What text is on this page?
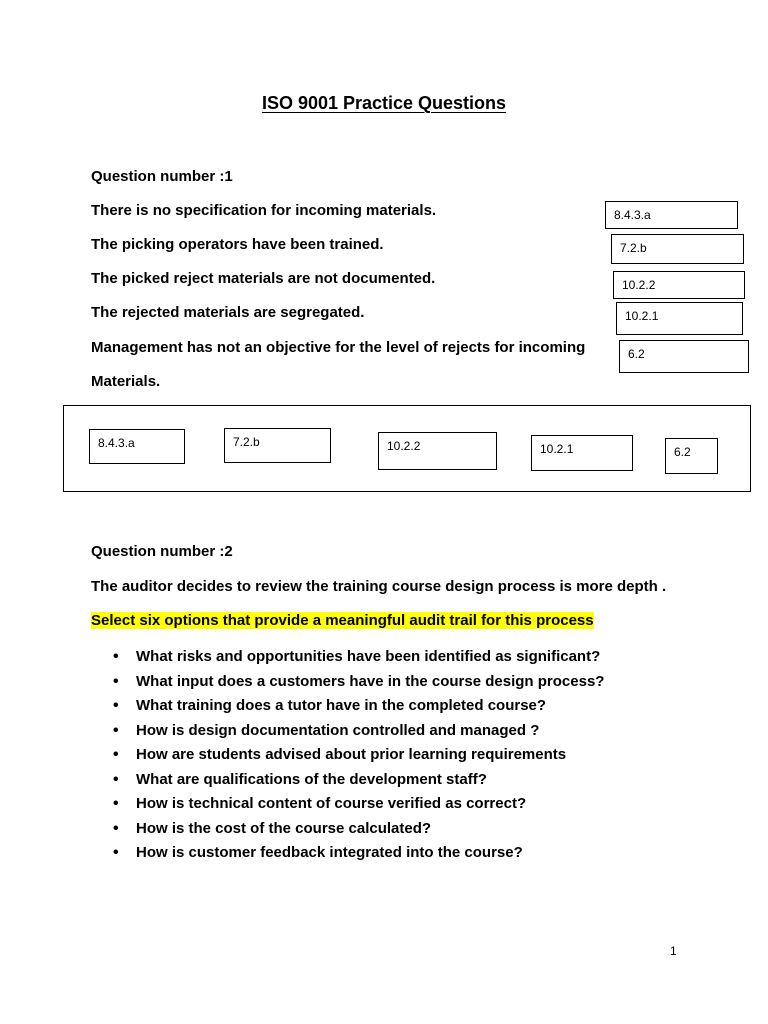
ISO 9001 Practice Questions
Question number :1
There is no specification for incoming materials.
The picking operators have been trained.
The picked reject materials are not documented.
The rejected materials are segregated.
Management has not an objective for the level of rejects for incoming
Materials.
8.4.3.a
7.2.b
10.2.2
10.2.1
6.2
8.4.3.a	7.2.b	10.2.2	10.2.1	6.2
Question number :2
The auditor decides to review the training course design process is more depth .
Select six options that provide a meaningful audit trail for this process
• What risks and opportunities have been identified as significant?
• What input does a customers have in the course design process?
• What training does a tutor have in the completed course?
• How is design documentation controlled and managed ?
• How are students advised about prior learning requirements
• What are qualifications of the development staff?
• How is technical content of course verified as correct?
• How is the cost of the course calculated?
• How is customer feedback integrated into the course?
1
